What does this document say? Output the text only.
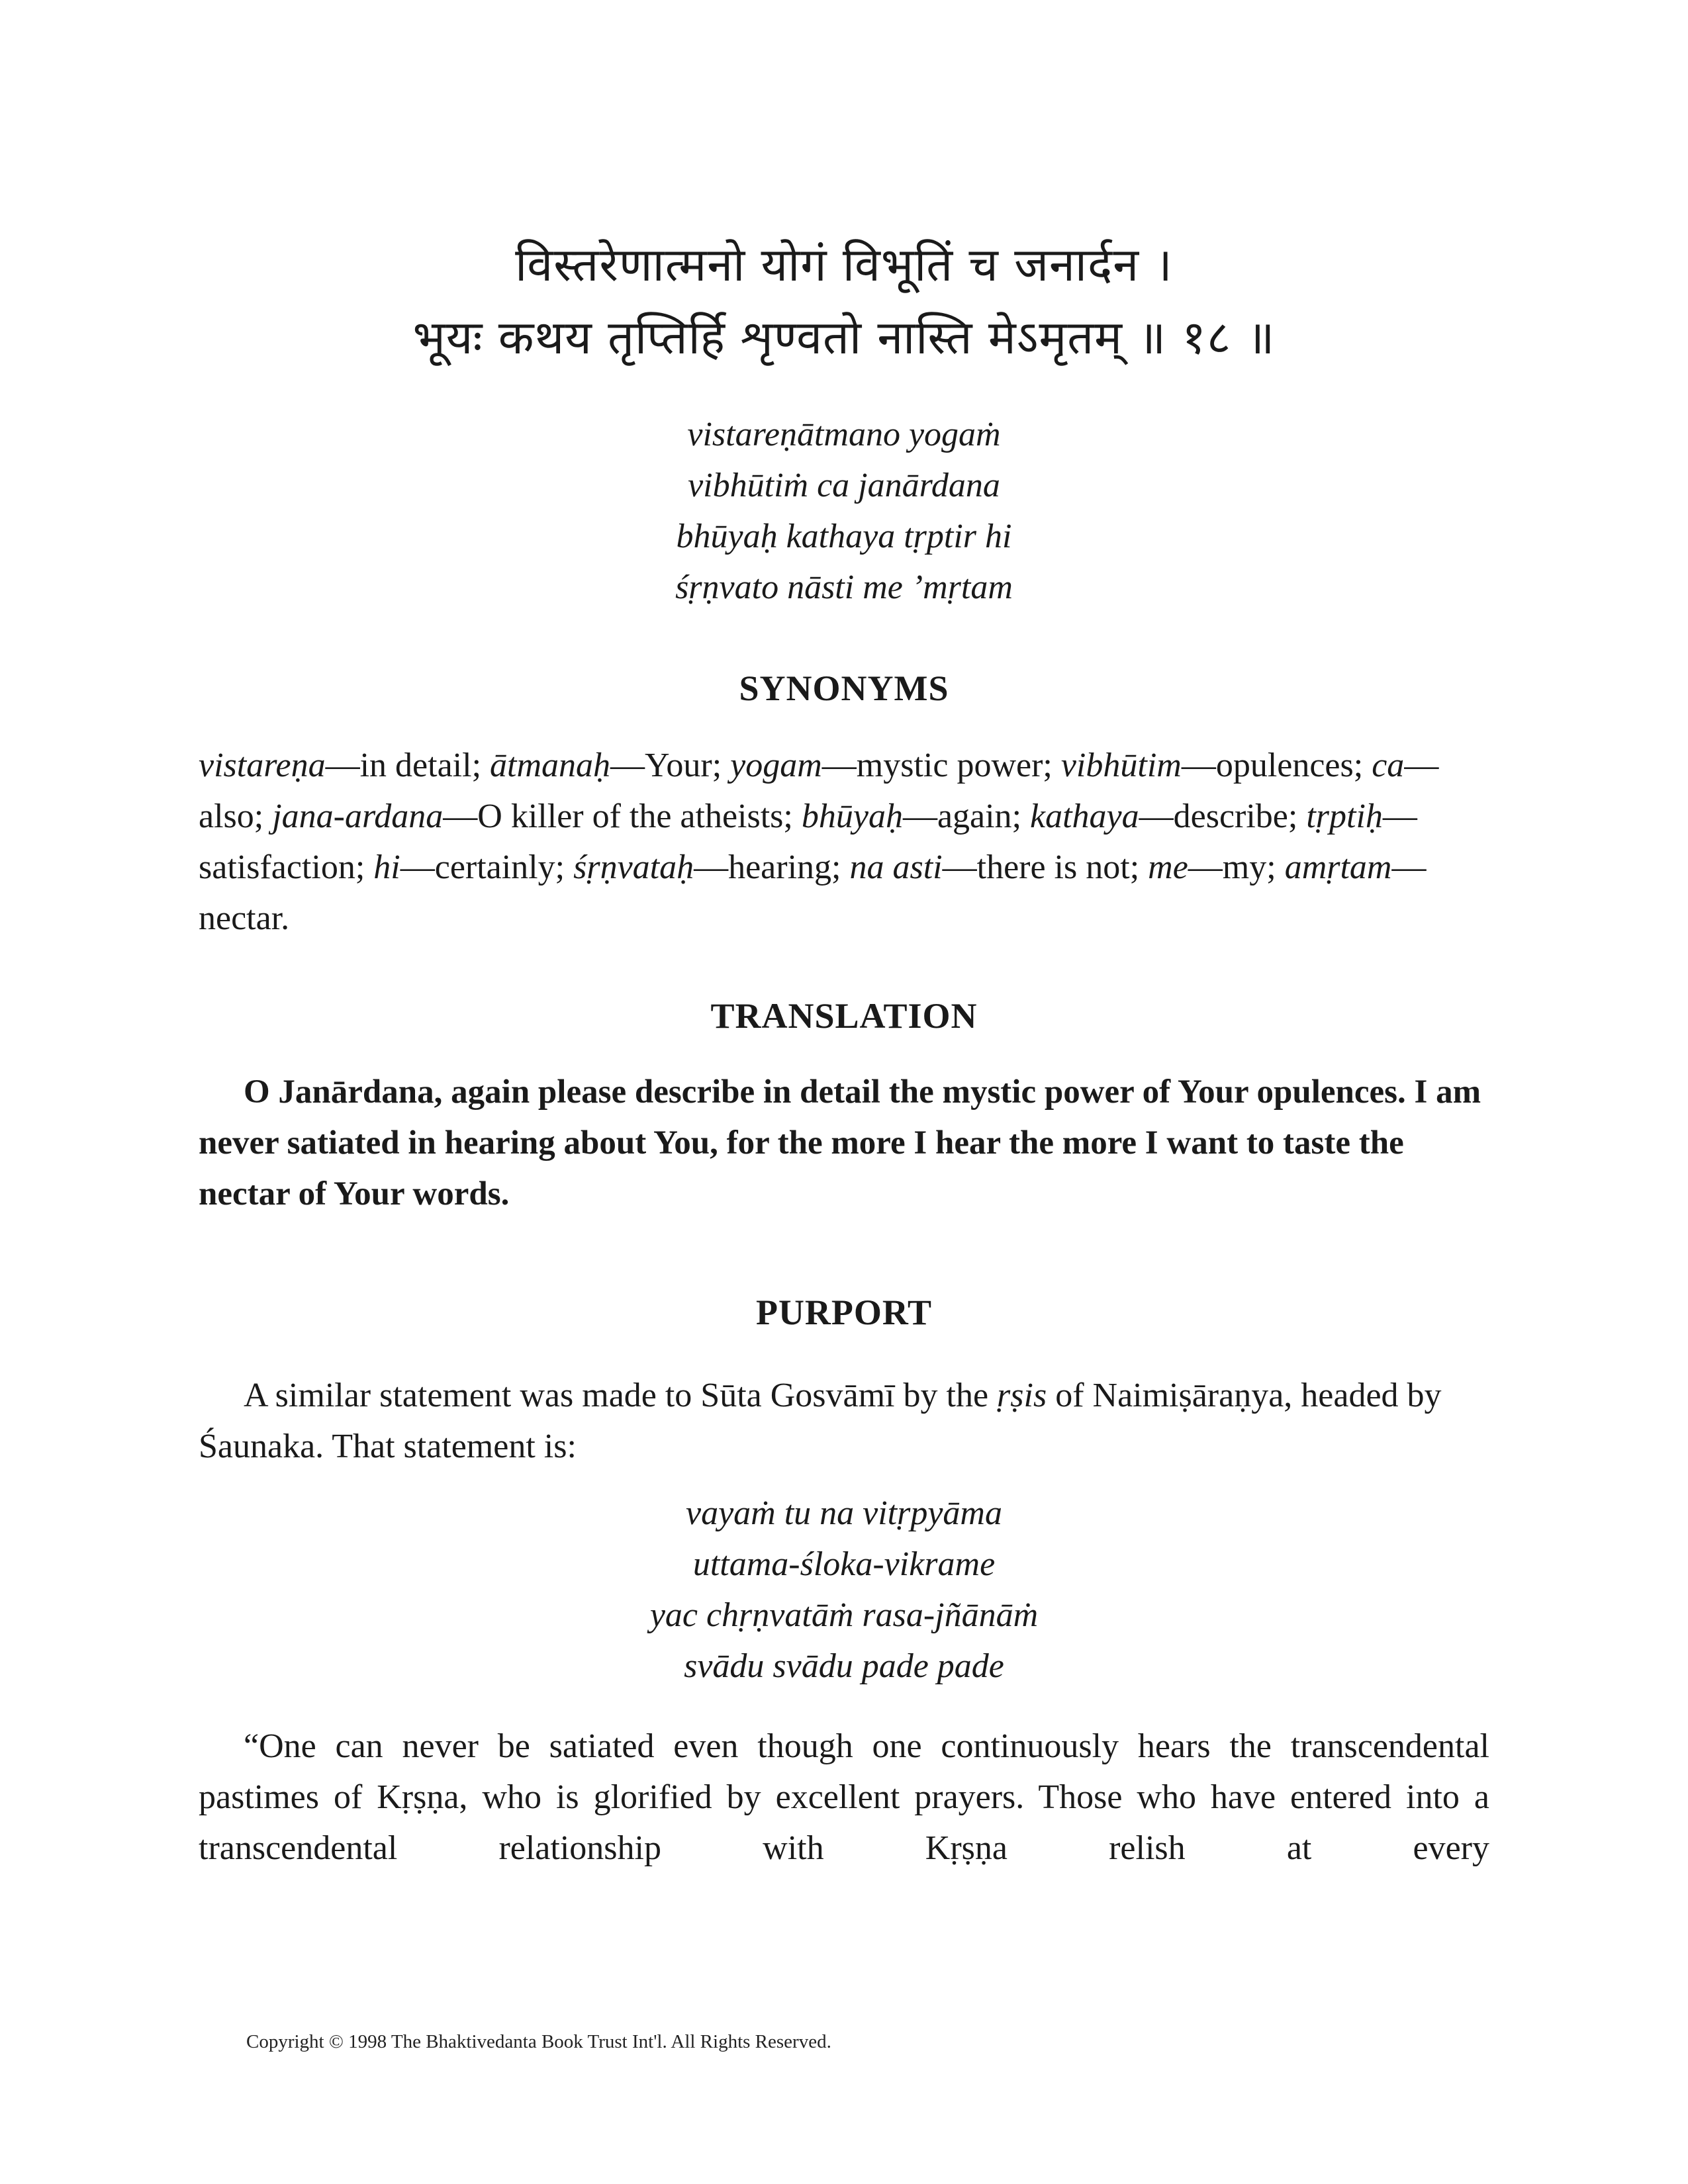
विस्तरेणात्मनो योगं विभूतिं च जनार्दन ।
भूयः कथय तृप्तिर्हि शृण्वतो नास्ति मेऽमृतम् ॥ १८ ॥
vistareṇātmano yogaṁ
vibhūtiṁ ca janārdana
bhūyaḥ kathaya tṛptir hi
śṛṇvato nāsti me ’mṛtam
SYNONYMS
vistareṇa—in detail; ātmanaḥ—Your; yogam—mystic power; vibhūtim—opulences; ca—also; jana-ardana—O killer of the atheists; bhūyaḥ—again; kathaya—describe; tṛptiḥ—satisfaction; hi—certainly; śṛṇvataḥ—hearing; na asti—there is not; me—my; amṛtam—nectar.
TRANSLATION
O Janārdana, again please describe in detail the mystic power of Your opulences. I am never satiated in hearing about You, for the more I hear the more I want to taste the nectar of Your words.
PURPORT
A similar statement was made to Sūta Gosvāmī by the ṛṣis of Naimiṣāraṇya, headed by Śaunaka. That statement is:
vayaṁ tu na vitṛpyāma
uttama-śloka-vikrame
yac chṛṇvatāṁ rasa-jñānāṁ
svādu svādu pade pade
“One can never be satiated even though one continuously hears the transcendental pastimes of Kṛṣṇa, who is glorified by excellent prayers. Those who have entered into a transcendental relationship with Kṛṣṇa relish at every
Copyright © 1998 The Bhaktivedanta Book Trust Int'l. All Rights Reserved.
